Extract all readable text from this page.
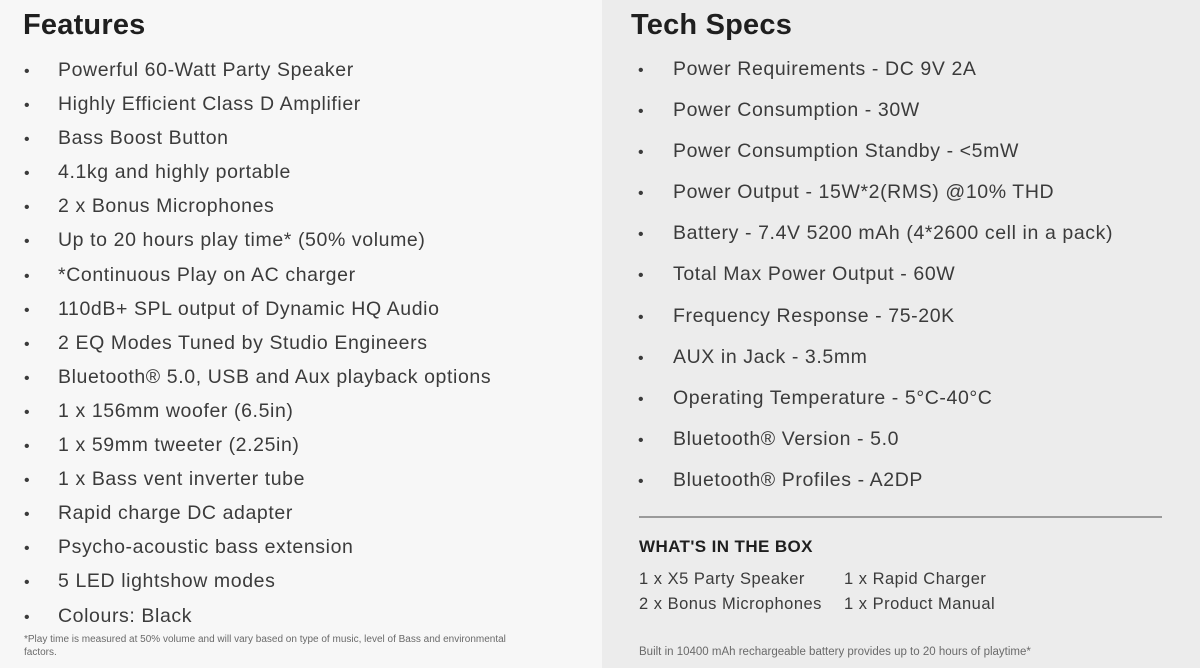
Features
• Powerful 60-Watt Party Speaker
• Highly Efficient Class D Amplifier
• Bass Boost Button
• 4.1kg and highly portable
• 2 x Bonus Microphones
• Up to 20 hours play time* (50% volume)
• *Continuous Play on AC charger
• 110dB+ SPL output of Dynamic HQ Audio
• 2 EQ Modes Tuned by Studio Engineers
• Bluetooth® 5.0, USB and Aux playback options
• 1 x 156mm woofer (6.5in)
• 1 x 59mm tweeter (2.25in)
• 1 x Bass vent inverter tube
• Rapid charge DC adapter
• Psycho-acoustic bass extension
• 5 LED lightshow modes
• Colours: Black
*Play time is measured at 50% volume and will vary based on type of music, level of Bass and environmental factors.
Tech Specs
• Power Requirements - DC 9V 2A
• Power Consumption - 30W
• Power Consumption Standby - <5mW
• Power Output - 15W*2(RMS) @10% THD
• Battery - 7.4V 5200 mAh (4*2600 cell in a pack)
• Total Max Power Output - 60W
• Frequency Response - 75-20K
• AUX in Jack - 3.5mm
• Operating Temperature - 5°C-40°C
• Bluetooth® Version - 5.0
• Bluetooth® Profiles - A2DP
WHAT'S IN THE BOX
1 x X5 Party Speaker	1 x Rapid Charger
2 x Bonus Microphones	1 x Product Manual
Built in 10400 mAh rechargeable battery provides up to 20 hours of playtime*
